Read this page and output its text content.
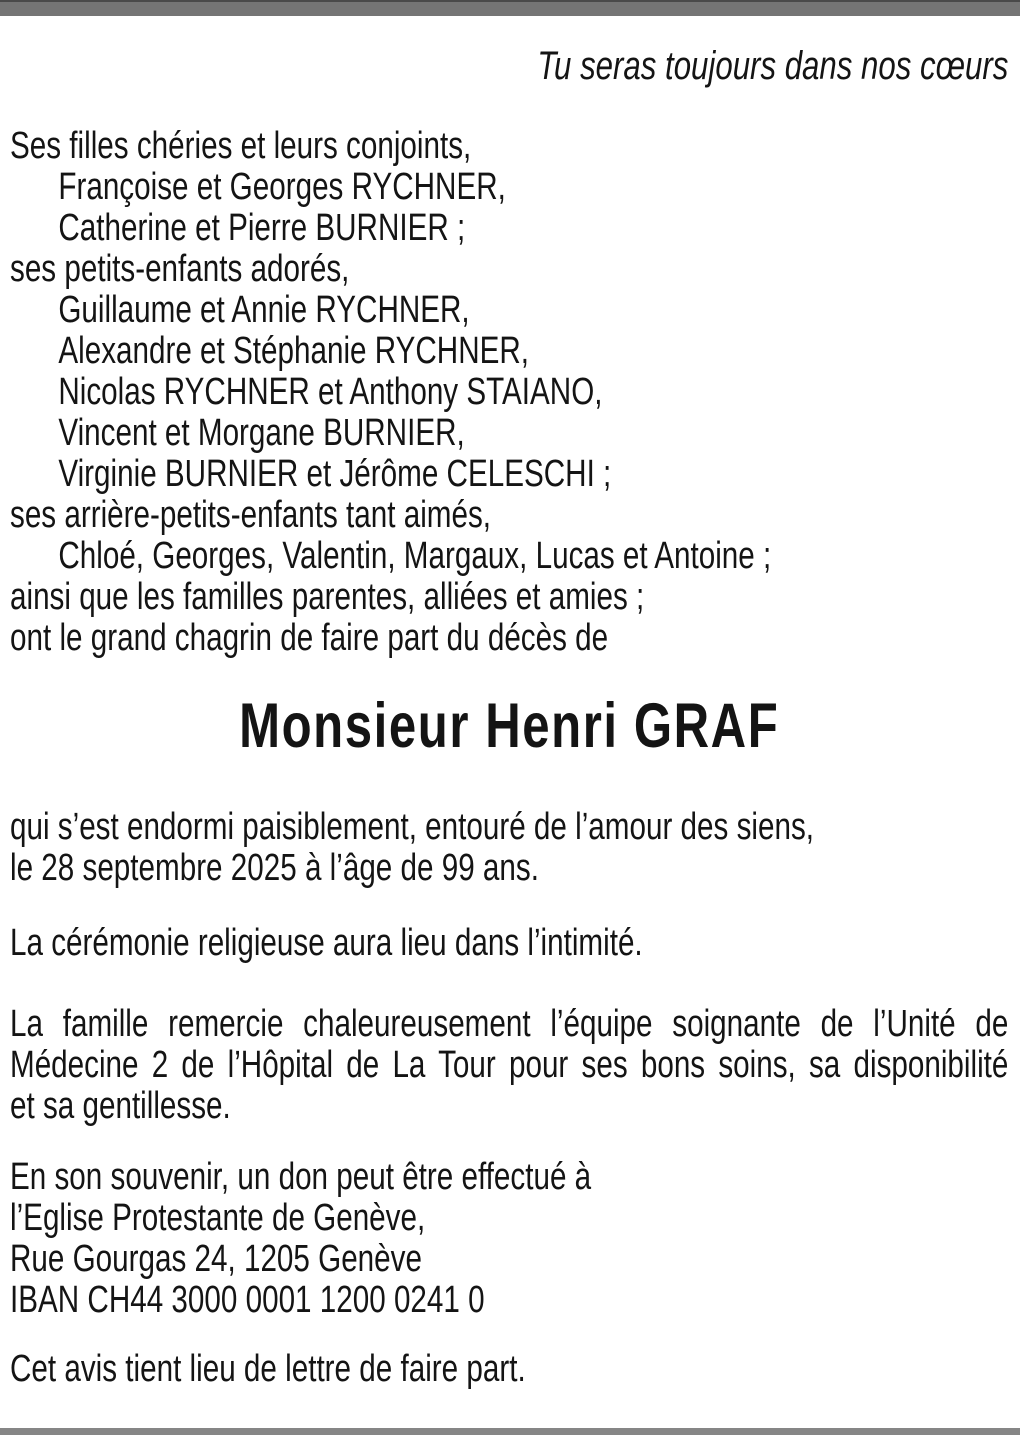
Tu seras toujours dans nos cœurs
Ses filles chéries et leurs conjoints,
Françoise et Georges RYCHNER,
Catherine et Pierre BURNIER ;
ses petits-enfants adorés,
Guillaume et Annie RYCHNER,
Alexandre et Stéphanie RYCHNER,
Nicolas RYCHNER et Anthony STAIANO,
Vincent et Morgane BURNIER,
Virginie BURNIER et Jérôme CELESCHI ;
ses arrière-petits-enfants tant aimés,
Chloé, Georges, Valentin, Margaux, Lucas et Antoine ;
ainsi que les familles parentes, alliées et amies ;
ont le grand chagrin de faire part du décès de
Monsieur Henri GRAF
qui s’est endormi paisiblement, entouré de l’amour des siens,
le 28 septembre 2025 à l’âge de 99 ans.
La cérémonie religieuse aura lieu dans l’intimité.
La famille remercie chaleureusement l’équipe soignante de l’Unité de
Médecine 2 de l’Hôpital de La Tour pour ses bons soins, sa disponibilité
et sa gentillesse.
En son souvenir, un don peut être effectué à
l’Eglise Protestante de Genève,
Rue Gourgas 24, 1205 Genève
IBAN CH44 3000 0001 1200 0241 0
Cet avis tient lieu de lettre de faire part.
